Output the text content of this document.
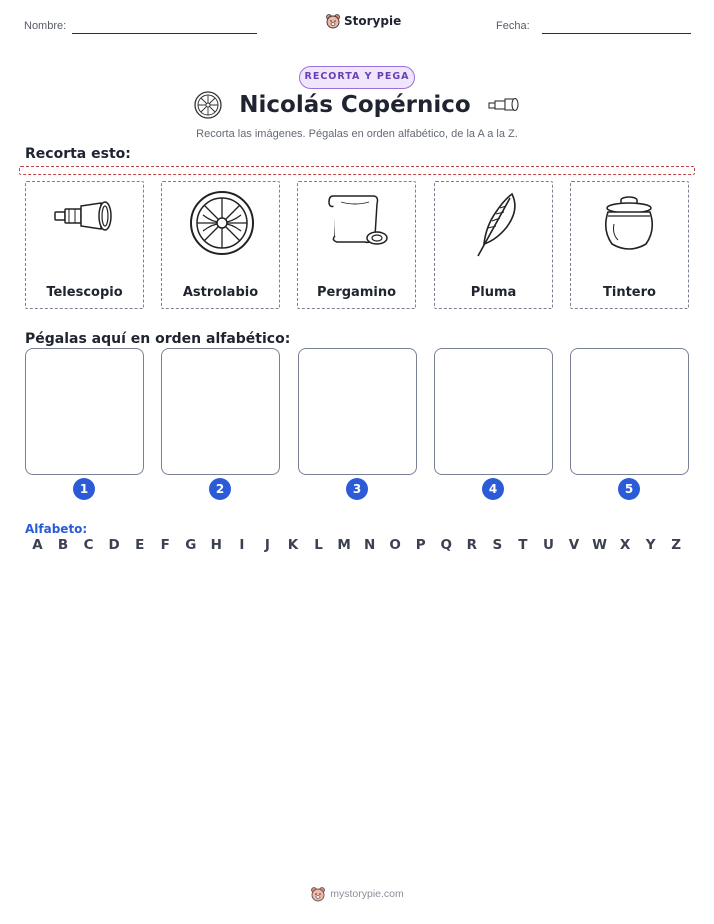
Nombre:	Storypie	Fecha:
RECORTA Y PEGA
Nicolás Copérnico
Recorta las imágenes. Pégalas en orden alfabético, de la A a la Z.
Recorta esto:
Telescopio	Astrolabio	Pergamino	Pluma	Tintero
Pégalas aquí en orden alfabético:
1	2	3	4	5
Alfabeto:
A	B	C	D	E	F	G	H	I	J	K	L	M N	O	P	Q	R	S	T	U	V W X	Y	Z
mystorypie.com
